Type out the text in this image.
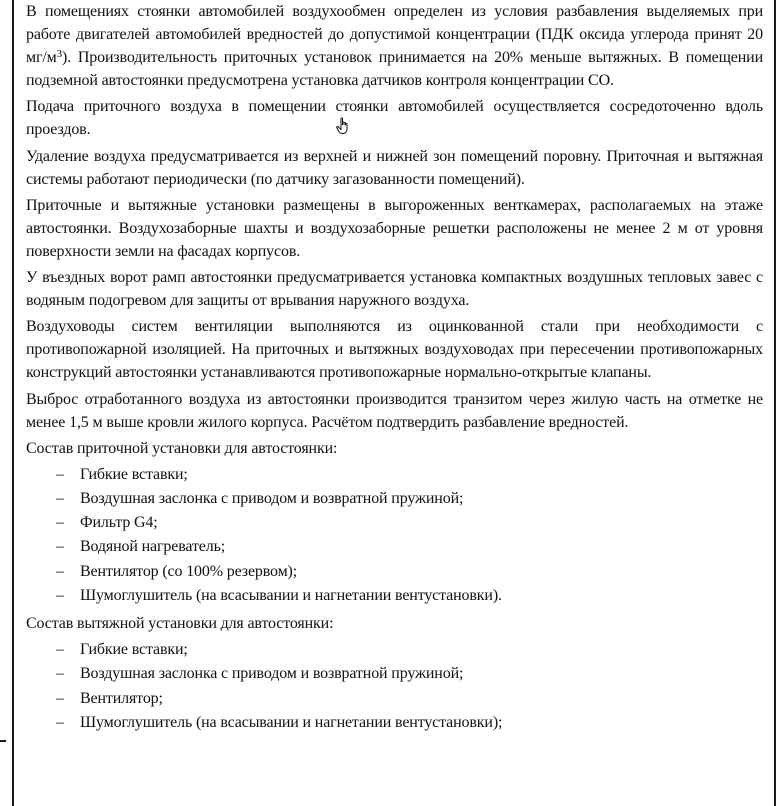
В помещениях стоянки автомобилей воздухообмен определен из условия разбавления выделяемых при работе двигателей автомобилей вредностей до допустимой концентрации (ПДК оксида углерода принят 20 $мг/м^3$). Производительность приточных установок принимается на 20% меньше вытяжных. В помещении подземной автостоянки предусмотрена установка датчиков контроля концентрации СО.

Подача приточного воздуха в помещении стоянки автомобилей осуществляется сосредоточенно вдоль проездов.

Удаление воздуха предусматривается из верхней и нижней зон помещений поровну. Приточная и вытяжная системы работают периодически (по датчику загазованности помещений).

Приточные и вытяжные установки размещены в выгороженных венткамерах, располагаемых на этаже автостоянки. Воздухозаборные шахты и воздухозаборные решетки расположены не менее 2 м от уровня поверхности земли на фасадах корпусов.

У въездных ворот рамп автостоянки предусматривается установка компактных воздушных тепловых завес с водяным подогревом для защиты от врывания наружного воздуха.

Воздуховоды систем вентиляции выполняются из оцинкованной стали при необходимости с противопожарной изоляцией. На приточных и вытяжных воздуховодах при пересечении противопожарных конструкций автостоянки устанавливаются противопожарные нормально-открытые клапаны.

Выброс отработанного воздуха из автостоянки производится транзитом через жилую часть на отметке не менее 1,5 м выше кровли жилого корпуса. Расчётом подтвердить разбавление вредностей.

Состав приточной установки для автостоянки:

– Гибкие вставки;
– Воздушная заслонка с приводом и возвратной пружиной;
– Фильтр G4;
– Водяной нагреватель;
– Вентилятор (со 100% резервом);
– Шумоглушитель (на всасывании и нагнетании вентустановки).

Состав вытяжной установки для автостоянки:

– Гибкие вставки;
– Воздушная заслонка с приводом и возвратной пружиной;
– Вентилятор;
– Шумоглушитель (на всасывании и нагнетании вентустановки);
